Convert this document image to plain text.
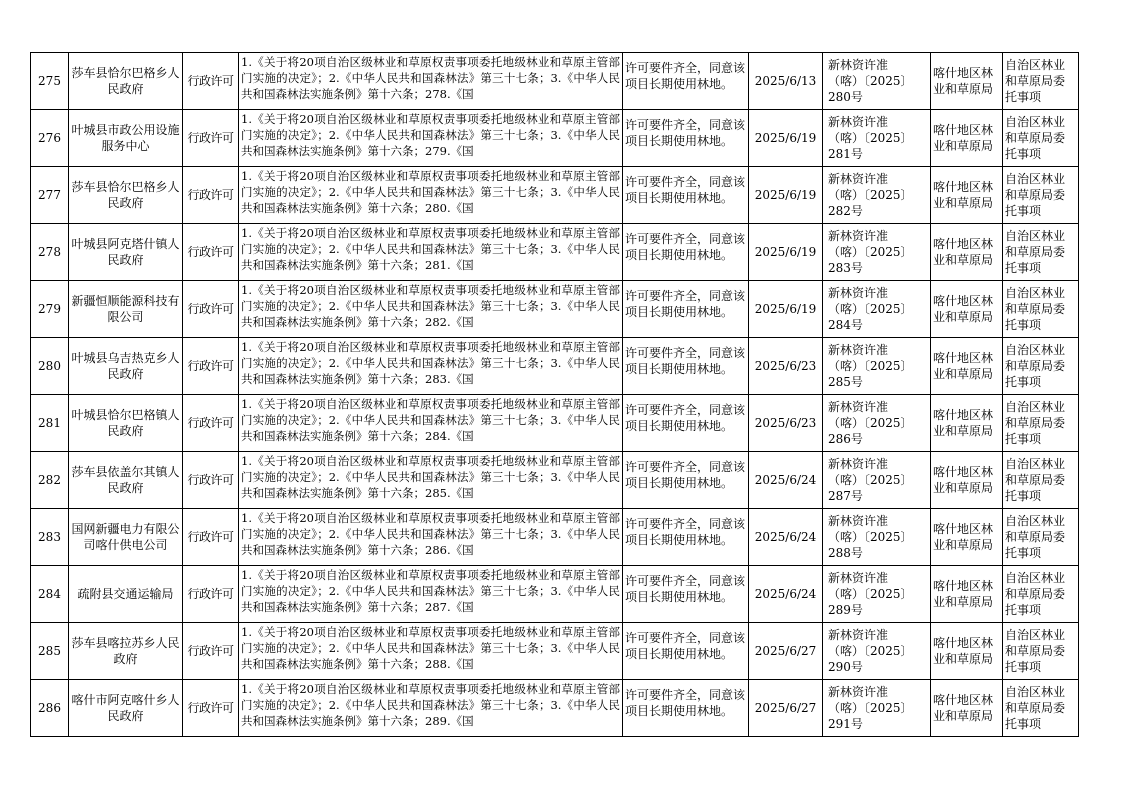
275	莎车县恰尔巴格乡人民政府	行政许可	1.《关于将20项自治区级林业和草原权责事项委托地级林业和草原主管部门实施的决定》；2.《中华人民共和国森林法》第三十七条；3.《中华人民共和国森林法实施条例》第十六条；278.《国	许可要件齐全，同意该项目长期使用林地。	2025/6/13	新林资许准
（喀）〔2025〕
280号	喀什地区林业和草原局	自治区林业和草原局委托事项
276	叶城县市政公用设施服务中心	行政许可	1.《关于将20项自治区级林业和草原权责事项委托地级林业和草原主管部门实施的决定》；2.《中华人民共和国森林法》第三十七条；3.《中华人民共和国森林法实施条例》第十六条；279.《国	许可要件齐全，同意该项目长期使用林地。	2025/6/19	新林资许准
（喀）〔2025〕
281号	喀什地区林业和草原局	自治区林业和草原局委托事项
277	莎车县恰尔巴格乡人民政府	行政许可	1.《关于将20项自治区级林业和草原权责事项委托地级林业和草原主管部门实施的决定》；2.《中华人民共和国森林法》第三十七条；3.《中华人民共和国森林法实施条例》第十六条；280.《国	许可要件齐全，同意该项目长期使用林地。	2025/6/19	新林资许准
（喀）〔2025〕
282号	喀什地区林业和草原局	自治区林业和草原局委托事项
278	叶城县阿克塔什镇人民政府	行政许可	1.《关于将20项自治区级林业和草原权责事项委托地级林业和草原主管部门实施的决定》；2.《中华人民共和国森林法》第三十七条；3.《中华人民共和国森林法实施条例》第十六条；281.《国	许可要件齐全，同意该项目长期使用林地。	2025/6/19	新林资许准
（喀）〔2025〕
283号	喀什地区林业和草原局	自治区林业和草原局委托事项
279	新疆恒顺能源科技有限公司	行政许可	1.《关于将20项自治区级林业和草原权责事项委托地级林业和草原主管部门实施的决定》；2.《中华人民共和国森林法》第三十七条；3.《中华人民共和国森林法实施条例》第十六条；282.《国	许可要件齐全，同意该项目长期使用林地。	2025/6/19	新林资许准
（喀）〔2025〕
284号	喀什地区林业和草原局	自治区林业和草原局委托事项
280	叶城县乌吉热克乡人民政府	行政许可	1.《关于将20项自治区级林业和草原权责事项委托地级林业和草原主管部门实施的决定》；2.《中华人民共和国森林法》第三十七条；3.《中华人民共和国森林法实施条例》第十六条；283.《国	许可要件齐全，同意该项目长期使用林地。	2025/6/23	新林资许准
（喀）〔2025〕
285号	喀什地区林业和草原局	自治区林业和草原局委托事项
281	叶城县恰尔巴格镇人民政府	行政许可	1.《关于将20项自治区级林业和草原权责事项委托地级林业和草原主管部门实施的决定》；2.《中华人民共和国森林法》第三十七条；3.《中华人民共和国森林法实施条例》第十六条；284.《国	许可要件齐全，同意该项目长期使用林地。	2025/6/23	新林资许准
（喀）〔2025〕
286号	喀什地区林业和草原局	自治区林业和草原局委托事项
282	莎车县依盖尔其镇人民政府	行政许可	1.《关于将20项自治区级林业和草原权责事项委托地级林业和草原主管部门实施的决定》；2.《中华人民共和国森林法》第三十七条；3.《中华人民共和国森林法实施条例》第十六条；285.《国	许可要件齐全，同意该项目长期使用林地。	2025/6/24	新林资许准
（喀）〔2025〕
287号	喀什地区林业和草原局	自治区林业和草原局委托事项
283	国网新疆电力有限公司喀什供电公司	行政许可	1.《关于将20项自治区级林业和草原权责事项委托地级林业和草原主管部门实施的决定》；2.《中华人民共和国森林法》第三十七条；3.《中华人民共和国森林法实施条例》第十六条；286.《国	许可要件齐全，同意该项目长期使用林地。	2025/6/24	新林资许准
（喀）〔2025〕
288号	喀什地区林业和草原局	自治区林业和草原局委托事项
284	疏附县交通运输局	行政许可	1.《关于将20项自治区级林业和草原权责事项委托地级林业和草原主管部门实施的决定》；2.《中华人民共和国森林法》第三十七条；3.《中华人民共和国森林法实施条例》第十六条；287.《国	许可要件齐全，同意该项目长期使用林地。	2025/6/24	新林资许准
（喀）〔2025〕
289号	喀什地区林业和草原局	自治区林业和草原局委托事项
285	莎车县喀拉苏乡人民政府	行政许可	1.《关于将20项自治区级林业和草原权责事项委托地级林业和草原主管部门实施的决定》；2.《中华人民共和国森林法》第三十七条；3.《中华人民共和国森林法实施条例》第十六条；288.《国	许可要件齐全，同意该项目长期使用林地。	2025/6/27	新林资许准
（喀）〔2025〕
290号	喀什地区林业和草原局	自治区林业和草原局委托事项
286	喀什市阿克喀什乡人民政府	行政许可	1.《关于将20项自治区级林业和草原权责事项委托地级林业和草原主管部门实施的决定》；2.《中华人民共和国森林法》第三十七条；3.《中华人民共和国森林法实施条例》第十六条；289.《国	许可要件齐全，同意该项目长期使用林地。	2025/6/27	新林资许准
（喀）〔2025〕
291号	喀什地区林业和草原局	自治区林业和草原局委托事项
